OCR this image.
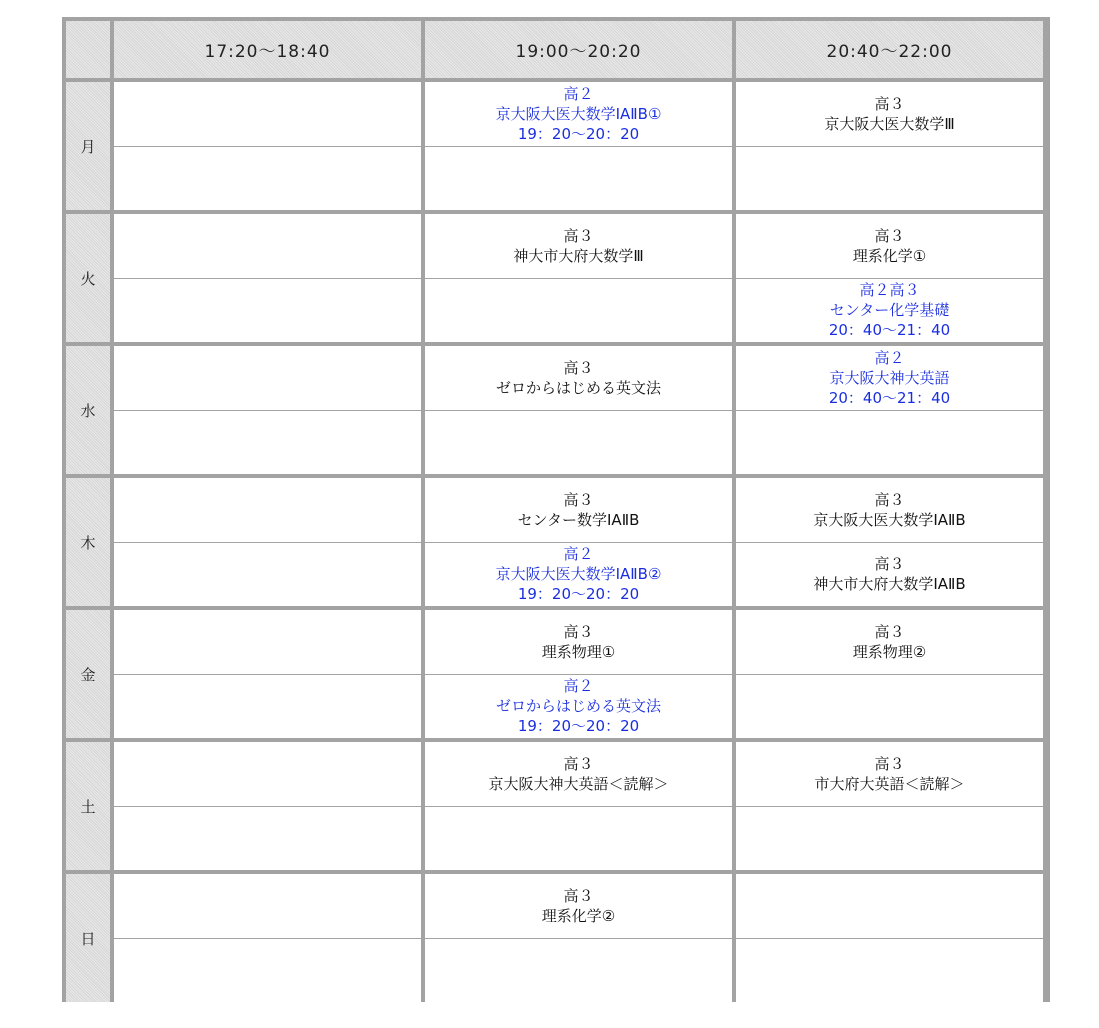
17:20～18:40	19:00～20:20	20:40～22:00
月
高２
京大阪大医大数学ⅠAⅡB①
19：20～20：20
高３
京大阪大医大数学Ⅲ
火
高３
神大市大府大数学Ⅲ
高３
理系化学①
高２高３
センター化学基礎
20：40～21：40
水
高３
ゼロからはじめる英文法
高２
京大阪大神大英語
20：40～21：40
木
高３
センター数学ⅠAⅡB
高２
京大阪大医大数学ⅠAⅡB②
19：20～20：20
高３
京大阪大医大数学ⅠAⅡB
高３
神大市大府大数学ⅠAⅡB
金
高３
理系物理①
高２
ゼロからはじめる英文法
19：20～20：20
高３
理系物理②
土
高３
京大阪大神大英語＜読解＞
高３
市大府大英語＜読解＞
日
高３
理系化学②
